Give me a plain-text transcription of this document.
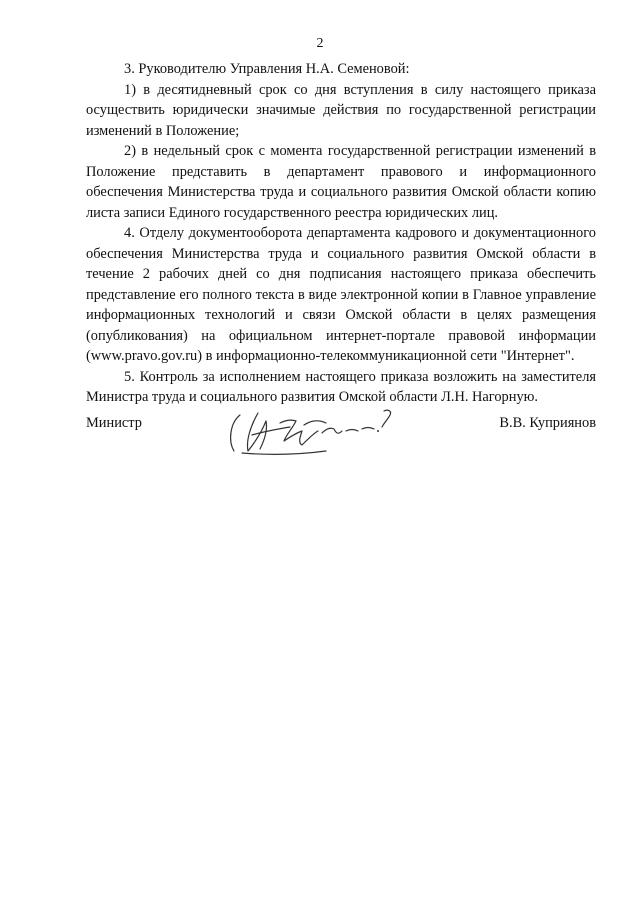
2

3. Руководителю Управления Н.А. Семеновой:

1) в десятидневный срок со дня вступления в силу настоящего приказа осуществить юридически значимые действия по государственной регистрации изменений в Положение;

2) в недельный срок с момента государственной регистрации изменений в Положение представить в департамент правового и информационного обеспечения Министерства труда и социального развития Омской области копию листа записи Единого государственного реестра юридических лиц.

4. Отделу документооборота департамента кадрового и документационного обеспечения Министерства труда и социального развития Омской области в течение 2 рабочих дней со дня подписания настоящего приказа обеспечить представление его полного текста в виде электронной копии в Главное управление информационных технологий и связи Омской области в целях размещения (опубликования) на официальном интернет-портале правовой информации (www.pravo.gov.ru) в информационно-телекоммуникационной сети "Интернет".

5. Контроль за исполнением настоящего приказа возложить на заместителя Министра труда и социального развития Омской области Л.Н. Нагорную.

Министр	В.В. Куприянов
